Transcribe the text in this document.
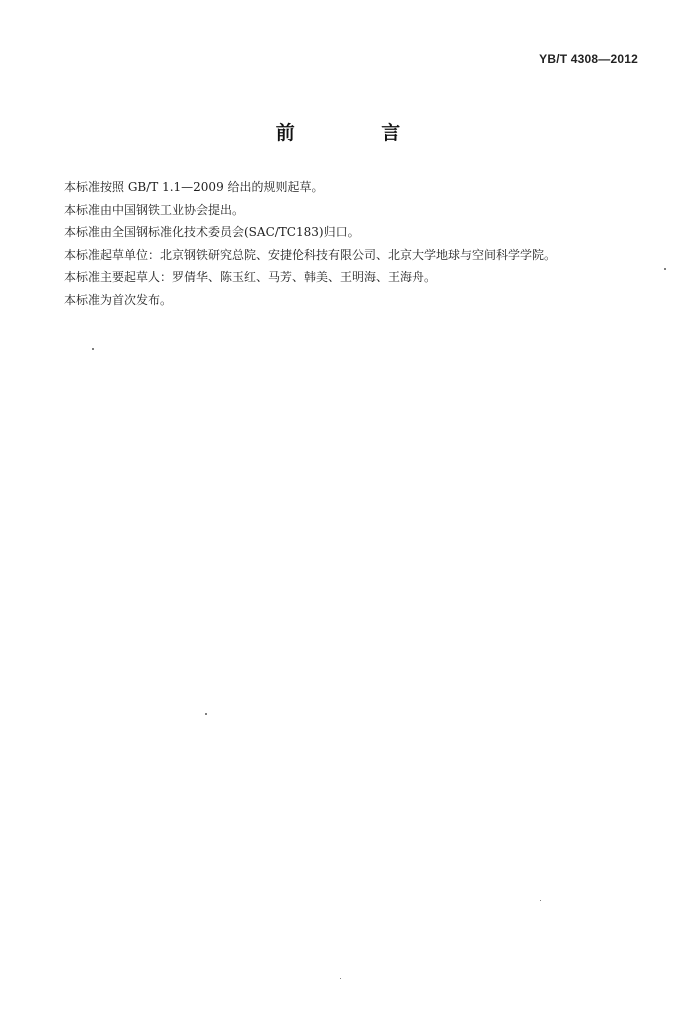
YB/T 4308—2012
前 言
本标准按照 GB/T 1.1—2009 给出的规则起草。
本标准由中国钢铁工业协会提出。
本标准由全国钢标准化技术委员会(SAC/TC183)归口。
本标准起草单位：北京钢铁研究总院、安捷伦科技有限公司、北京大学地球与空间科学学院。
本标准主要起草人：罗倩华、陈玉红、马芳、韩美、王明海、王海舟。
本标准为首次发布。
